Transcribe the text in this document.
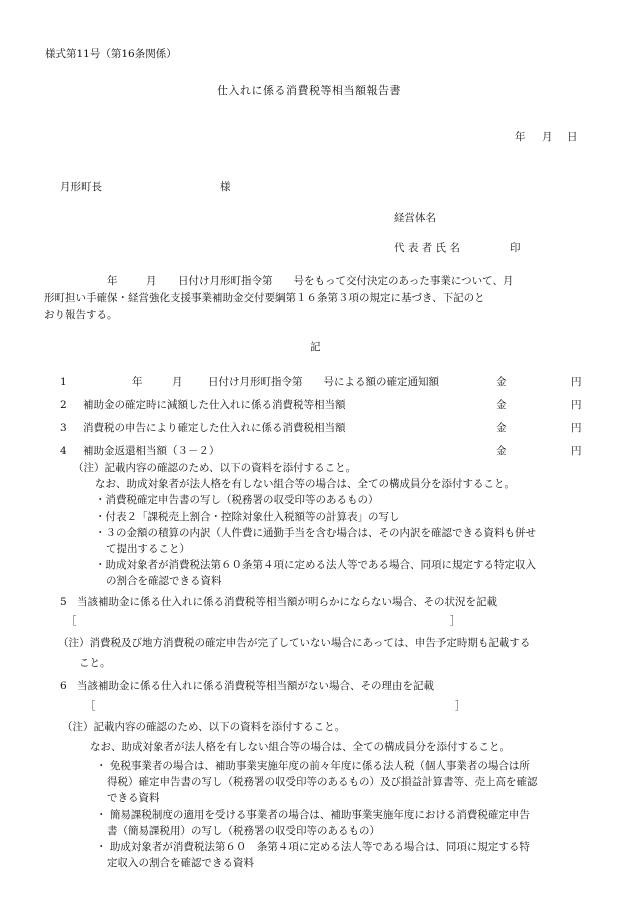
様式第11号（第16条関係）
仕入れに係る消費税等相当額報告書
年 月 日
月形町長	様
経営体名
代 表 者 氏 名	印
年	月 日付け月形町指令第　　号をもって交付決定のあった事業について、月
形町担い手確保・経営強化支援事業補助金交付要綱第１６条第３項の規定に基づき、下記のと
おり報告する。
記
1	年	月 日付け月形町指令第　　号による額の確定通知額	金	円
2 補助金の確定時に減額した仕入れに係る消費税等相当額	金	円
3 消費税の申告により確定した仕入れに係る消費税相当額	金	円
4 補助金返還相当額（３－２）	金	円
（注）記載内容の確認のため、以下の資料を添付すること。
なお、助成対象者が法人格を有しない組合等の場合は、全ての構成員分を添付すること。
・消費税確定申告書の写し（税務署の収受印等のあるもの）
・付表２「課税売上割合・控除対象仕入税額等の計算表」の写し
・３の金額の積算の内訳（人件費に通勤手当を含む場合は、その内訳を確認できる資料も併せ
て提出すること）
・助成対象者が消費税法第６０条第４項に定める法人等である場合、同項に規定する特定収入
の割合を確認できる資料
5 当該補助金に係る仕入れに係る消費税等相当額が明らかにならない場合、その状況を記載
［	］
（注）消費税及び地方消費税の確定申告が完了していない場合にあっては、申告予定時期も記載する
こと。
6 当該補助金に係る仕入れに係る消費税等相当額がない場合、その理由を記載
［	］
（注）記載内容の確認のため、以下の資料を添付すること。
なお、助成対象者が法人格を有しない組合等の場合は、全ての構成員分を添付すること。
・ 免税事業者の場合は、補助事業実施年度の前々年度に係る法人税（個人事業者の場合は所
得税）確定申告書の写し（税務署の収受印等のあるもの）及び損益計算書等、売上高を確認
できる資料
・ 簡易課税制度の適用を受ける事業者の場合は、補助事業実施年度における消費税確定申告
書（簡易課税用）の写し（税務署の収受印等のあるもの）
・ 助成対象者が消費税法第６０　条第４項に定める法人等である場合は、同項に規定する特
定収入の割合を確認できる資料
